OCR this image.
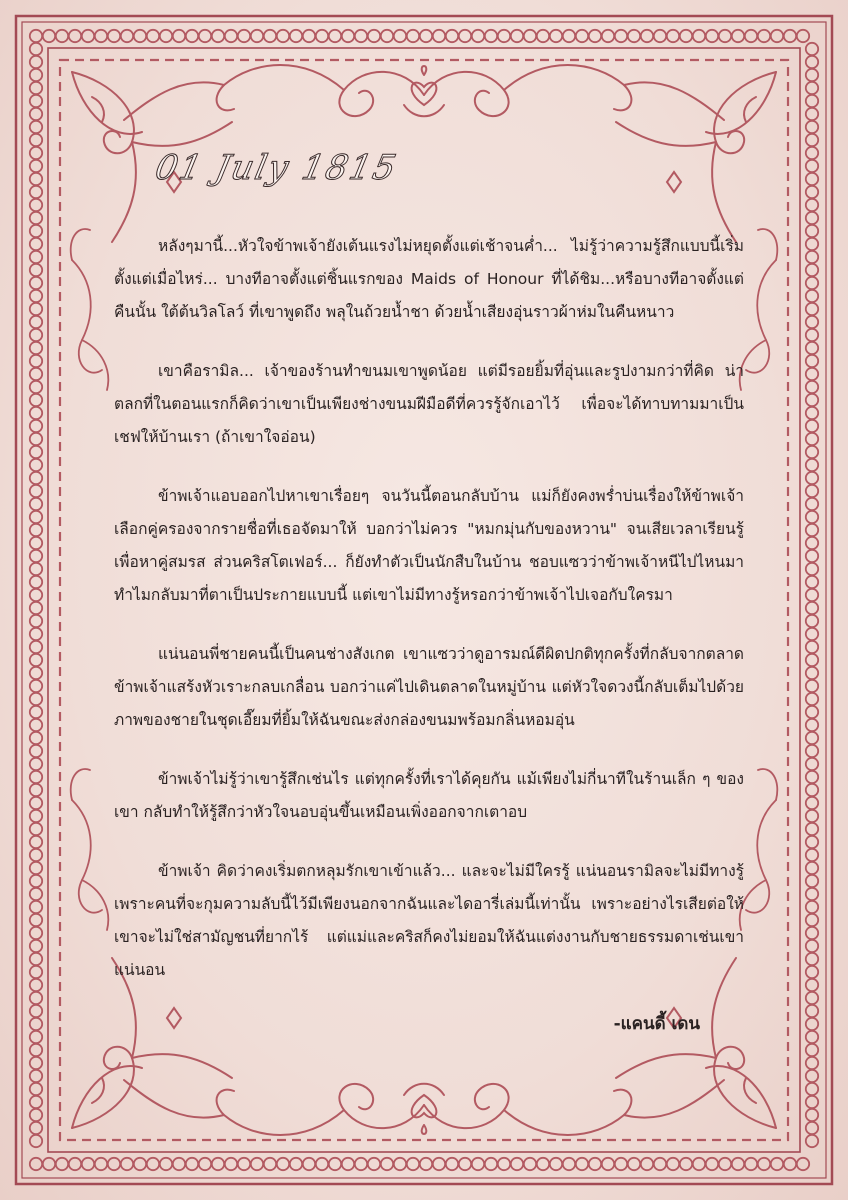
01 July 1815

หลังๆมานี้...หัวใจข้าพเจ้ายังเต้นแรงไม่หยุดตั้งแต่เช้าจนค่ำ... ไม่รู้ว่าความรู้สึกแบบนี้เริ่มตั้งแต่เมื่อไหร่... บางทีอาจตั้งแต่ชิ้นแรกของ Maids of Honour ที่ได้ชิม...หรือบางทีอาจตั้งแต่คืนนั้น ใต้ต้นวิลโลว์ ที่เขาพูดถึง พลุในถ้วยน้ำชา ด้วยน้ำเสียงอุ่นราวผ้าห่มในคืนหนาว

เขาคือรามิล... เจ้าของร้านทำขนมเขาพูดน้อย แต่มีรอยยิ้มที่อุ่นและรูปงามกว่าที่คิด น่าตลกที่ในตอนแรกก็คิดว่าเขาเป็นเพียงช่างขนมฝีมือดีที่ควรรู้จักเอาไว้ เพื่อจะได้ทาบทามมาเป็นเชฟให้บ้านเรา (ถ้าเขาใจอ่อน)

ข้าพเจ้าแอบออกไปหาเขาเรื่อยๆ จนวันนี้ตอนกลับบ้าน แม่ก็ยังคงพร่ำบ่นเรื่องให้ข้าพเจ้าเลือกคู่ครองจากรายชื่อที่เธอจัดมาให้ บอกว่าไม่ควร "หมกมุ่นกับของหวาน" จนเสียเวลาเรียนรู้เพื่อหาคู่สมรส ส่วนคริสโตเฟอร์... ก็ยังทำตัวเป็นนักสืบในบ้าน ชอบแซวว่าข้าพเจ้าหนีไปไหนมาทำไมกลับมาที่ตาเป็นประกายแบบนี้ แต่เขาไม่มีทางรู้หรอกว่าข้าพเจ้าไปเจอกับใครมา

แน่นอนพี่ชายคนนี้เป็นคนช่างสังเกต เขาแซวว่าดูอารมณ์ดีผิดปกติทุกครั้งที่กลับจากตลาด ข้าพเจ้าแสร้งหัวเราะกลบเกลื่อน บอกว่าแค่ไปเดินตลาดในหมู่บ้าน แต่หัวใจดวงนี้กลับเต็มไปด้วยภาพของชายในชุดเอี๊ยมที่ยิ้มให้ฉันขณะส่งกล่องขนมพร้อมกลิ่นหอมอุ่น

ข้าพเจ้าไม่รู้ว่าเขารู้สึกเช่นไร แต่ทุกครั้งที่เราได้คุยกัน แม้เพียงไม่กี่นาทีในร้านเล็ก ๆ ของเขา กลับทำให้รู้สึกว่าหัวใจนอบอุ่นขึ้นเหมือนเพิ่งออกจากเตาอบ

ข้าพเจ้า คิดว่าคงเริ่มตกหลุมรักเขาเข้าแล้ว... และจะไม่มีใครรู้ แน่นอนรามิลจะไม่มีทางรู้ เพราะคนที่จะกุมความลับนี้ไว้มีเพียงนอกจากฉันและไดอารี่เล่มนี้เท่านั้น เพราะอย่างไรเสียต่อให้เขาจะไม่ใช่สามัญชนที่ยากไร้ แต่แม่และคริสก็คงไม่ยอมให้ฉันแต่งงานกับชายธรรมดาเช่นเขาแน่นอน

-แคนดี้ เดน
